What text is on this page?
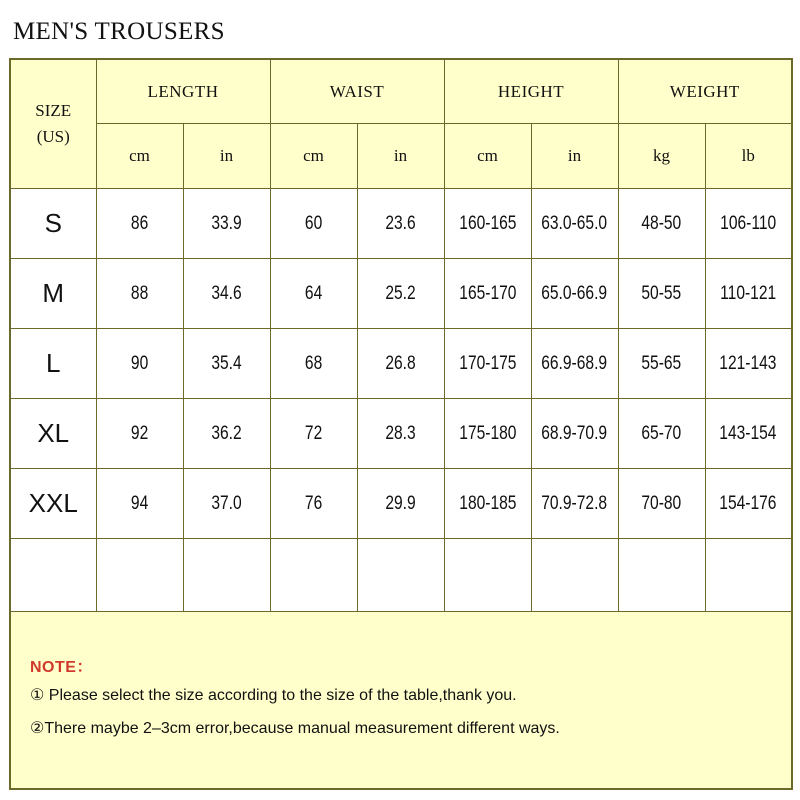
MEN'S TROUSERS
SIZE
(US)	LENGTH		WAIST		HEIGHT		WEIGHT	
	cm	in	cm	in	cm	in	kg	lb
S	86	33.9	60	23.6	160-165	63.0-65.0	48-50	106-110
M	88	34.6	64	25.2	165-170	65.0-66.9	50-55	110-121
L	90	35.4	68	26.8	170-175	66.9-68.9	55-65	121-143
XL	92	36.2	72	28.3	175-180	68.9-70.9	65-70	143-154
XXL	94	37.0	76	29.9	180-185	70.9-72.8	70-80	154-176

NOTE：
① Please select the size according to the size of the table,thank you.
②There maybe 2–3cm error,because manual measurement different ways.
